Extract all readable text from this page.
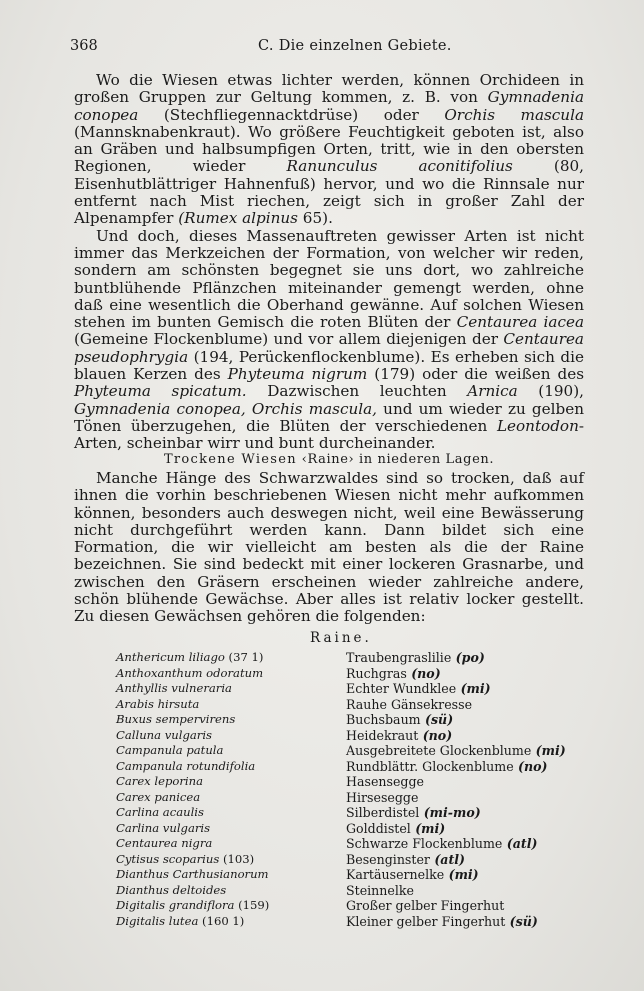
368	C. Die einzelnen Gebiete.

Wo die Wiesen etwas lichter werden, können Orchideen in großen Gruppen zur Geltung kommen, z. B. von Gymnadenia conopea (Stechfliegennacktdrüse) oder Orchis mascula (Mannsknabenkraut). Wo größere Feuchtigkeit geboten ist, also an Gräben und halbsumpfigen Orten, tritt, wie in den obersten Regionen, wieder Ranunculus aconitifolius (80, Eisenhutblättriger Hahnenfuß) hervor, und wo die Rinnsale nur entfernt nach Mist riechen, zeigt sich in großer Zahl der Alpenampfer (Rumex alpinus 65).

Und doch, dieses Massenauftreten gewisser Arten ist nicht immer das Merkzeichen der Formation, von welcher wir reden, sondern am schönsten begegnet sie uns dort, wo zahlreiche buntblühende Pflänzchen miteinander gemengt werden, ohne daß eine wesentlich die Oberhand gewänne. Auf solchen Wiesen stehen im bunten Gemisch die roten Blüten der Centaurea iacea (Gemeine Flockenblume) und vor allem diejenigen der Centaurea pseudophrygia (194, Perückenflockenblume). Es erheben sich die blauen Kerzen des Phyteuma nigrum (179) oder die weißen des Phyteuma spicatum. Dazwischen leuchten Arnica (190), Gymnadenia conopea, Orchis mascula, und um wieder zu gelben Tönen überzugehen, die Blüten der verschiedenen Leontodon-Arten, scheinbar wirr und bunt durcheinander.

Trockene Wiesen ‹Raine› in niederen Lagen.

Manche Hänge des Schwarzwaldes sind so trocken, daß auf ihnen die vorhin beschriebenen Wiesen nicht mehr aufkommen können, besonders auch deswegen nicht, weil eine Bewässerung nicht durchgeführt werden kann. Dann bildet sich eine Formation, die wir vielleicht am besten als die der Raine bezeichnen. Sie sind bedeckt mit einer lockeren Grasnarbe, und zwischen den Gräsern erscheinen wieder zahlreiche andere, schön blühende Gewächse. Aber alles ist relativ locker gestellt. Zu diesen Gewächsen gehören die folgenden:

Raine.
Anthericum liliago (37 1)
Anthoxanthum odoratum
Anthyllis vulneraria
Arabis hirsuta
Buxus sempervirens
Calluna vulgaris
Campanula patula
Campanula rotundifolia
Carex leporina
Carex panicea
Carlina acaulis
Carlina vulgaris
Centaurea nigra
Cytisus scoparius (103)
Dianthus Carthusianorum
Dianthus deltoides
Digitalis grandiflora (159)
Digitalis lutea (160 1)
Traubengraslilie (po)
Ruchgras (no)
Echter Wundklee (mi)
Rauhe Gänsekresse
Buchsbaum (sü)
Heidekraut (no)
Ausgebreitete Glockenblume (mi)
Rundblättr. Glockenblume (no)
Hasensegge
Hirsesegge
Silberdistel (mi-mo)
Golddistel (mi)
Schwarze Flockenblume (atl)
Besenginster (atl)
Kartäusernelke (mi)
Steinnelke
Großer gelber Fingerhut
Kleiner gelber Fingerhut (sü)
